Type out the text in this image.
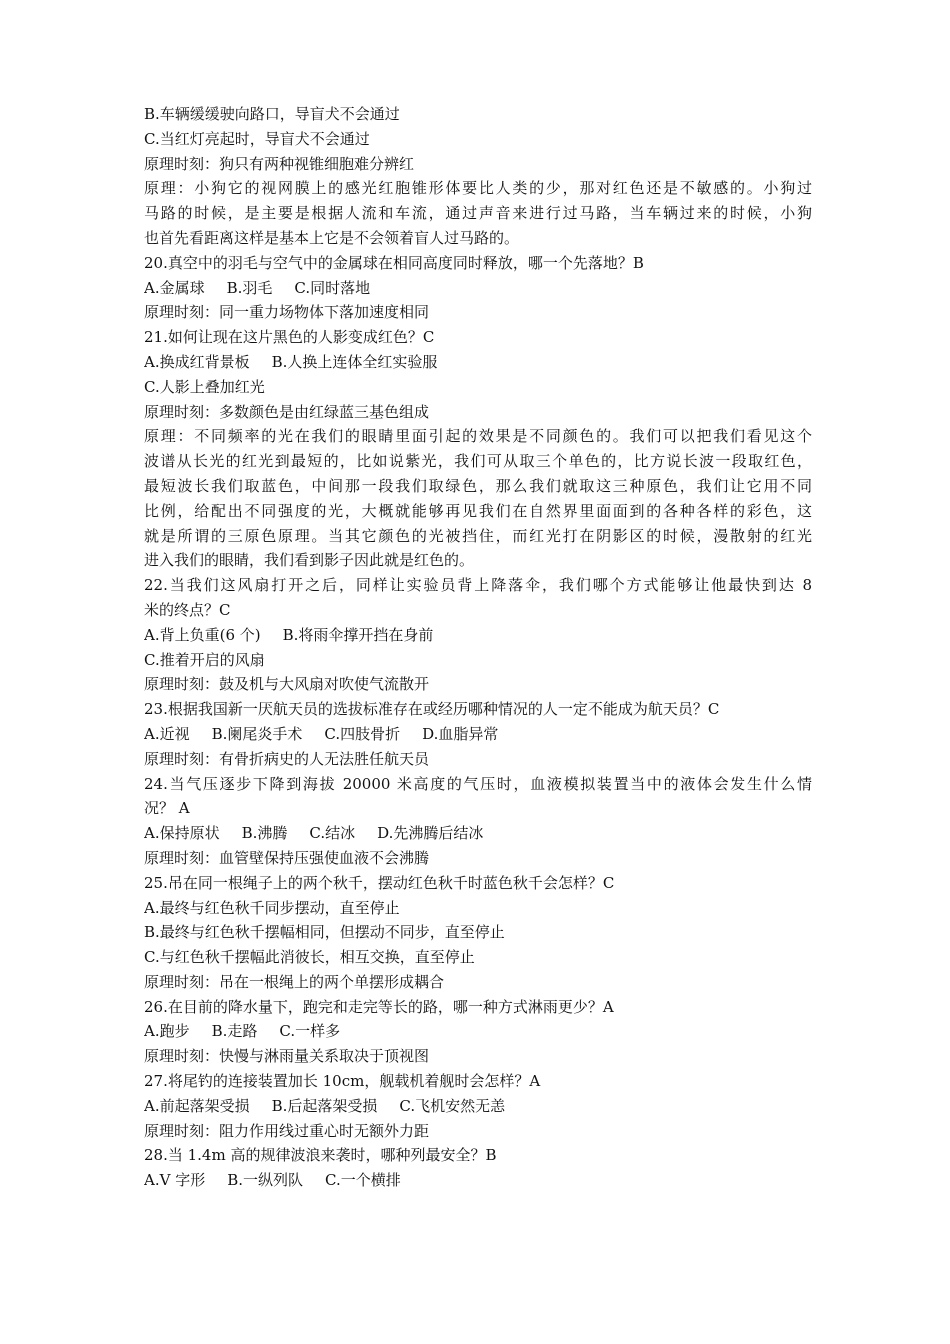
B.车辆缓缓驶向路口，导盲犬不会通过
C.当红灯亮起时，导盲犬不会通过
原理时刻：狗只有两种视锥细胞难分辨红
原理：小狗它的视网膜上的感光红胞锥形体要比人类的少，那对红色还是不敏感的。小狗过
马路的时候，是主要是根据人流和车流，通过声音来进行过马路，当车辆过来的时候，小狗
也首先看距离这样是基本上它是不会领着盲人过马路的。
20.真空中的羽毛与空气中的金属球在相同高度同时释放，哪一个先落地？B
A.金属球 B.羽毛 C.同时落地
原理时刻：同一重力场物体下落加速度相同
21.如何让现在这片黑色的人影变成红色？C
A.换成红背景板 B.人换上连体全红实验服
C.人影上叠加红光
原理时刻：多数颜色是由红绿蓝三基色组成
原理：不同频率的光在我们的眼睛里面引起的效果是不同颜色的。我们可以把我们看见这个
波谱从长光的红光到最短的，比如说紫光，我们可从取三个单色的，比方说长波一段取红色，
最短波长我们取蓝色，中间那一段我们取绿色，那么我们就取这三种原色，我们让它用不同
比例，给配出不同强度的光，大概就能够再见我们在自然界里面面到的各种各样的彩色，这
就是所谓的三原色原理。当其它颜色的光被挡住，而红光打在阴影区的时候，漫散射的红光
进入我们的眼睛，我们看到影子因此就是红色的。
22.当我们这风扇打开之后，同样让实验员背上降落伞，我们哪个方式能够让他最快到达 8
米的终点？C
A.背上负重(6 个) B.将雨伞撑开挡在身前
C.推着开启的风扇
原理时刻：鼓及机与大风扇对吹使气流散开
23.根据我国新一厌航天员的选拔标准存在或经历哪种情况的人一定不能成为航天员？C
A.近视 B.阑尾炎手术 C.四肢骨折 D.血脂异常
原理时刻：有骨折病史的人无法胜任航天员
24.当气压逐步下降到海拔 20000 米高度的气压时，血液模拟装置当中的液体会发生什么情
况？ A
A.保持原状 B.沸腾 C.结冰 D.先沸腾后结冰
原理时刻：血管壁保持压强使血液不会沸腾
25.吊在同一根绳子上的两个秋千，摆动红色秋千时蓝色秋千会怎样？C
A.最终与红色秋千同步摆动，直至停止
B.最终与红色秋千摆幅相同，但摆动不同步，直至停止
C.与红色秋千摆幅此消彼长，相互交换，直至停止
原理时刻：吊在一根绳上的两个单摆形成耦合
26.在目前的降水量下，跑完和走完等长的路，哪一种方式淋雨更少？A
A.跑步 B.走路 C.一样多
原理时刻：快慢与淋雨量关系取决于顶视图
27.将尾钓的连接装置加长 10cm，舰载机着舰时会怎样？A
A.前起落架受损 B.后起落架受损 C.飞机安然无恙
原理时刻：阻力作用线过重心时无额外力距
28.当 1.4m 高的规律波浪来袭时，哪种列最安全？B
A.V 字形 B.一纵列队 C.一个横排
